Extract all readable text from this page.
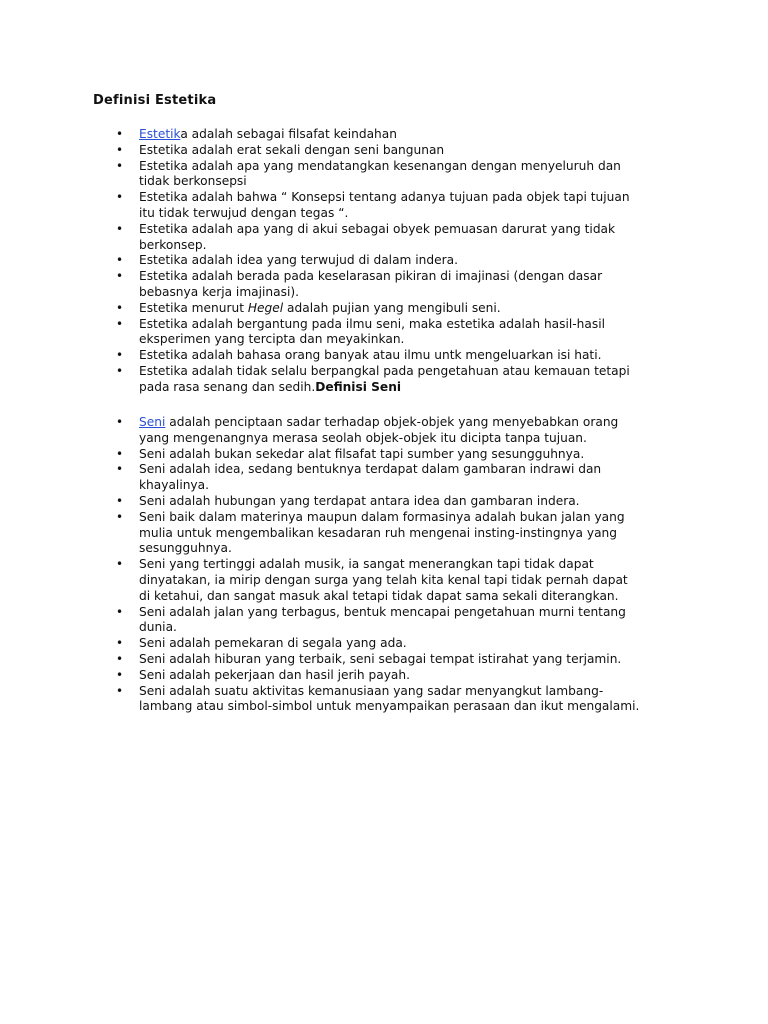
Definisi Estetika
• Estetika adalah sebagai filsafat keindahan
• Estetika adalah erat sekali dengan seni bangunan
• Estetika adalah apa yang mendatangkan kesenangan dengan menyeluruh dan
tidak berkonsepsi
• Estetika adalah bahwa “ Konsepsi tentang adanya tujuan pada objek tapi tujuan
itu tidak terwujud dengan tegas “.
• Estetika adalah apa yang di akui sebagai obyek pemuasan darurat yang tidak
berkonsep.
• Estetika adalah idea yang terwujud di dalam indera.
• Estetika adalah berada pada keselarasan pikiran di imajinasi (dengan dasar
bebasnya kerja imajinasi).
• Estetika menurut Hegel adalah pujian yang mengibuli seni.
• Estetika adalah bergantung pada ilmu seni, maka estetika adalah hasil-hasil
eksperimen yang tercipta dan meyakinkan.
• Estetika adalah bahasa orang banyak atau ilmu untk mengeluarkan isi hati.
• Estetika adalah tidak selalu berpangkal pada pengetahuan atau kemauan tetapi
pada rasa senang dan sedih.Definisi Seni
• Seni adalah penciptaan sadar terhadap objek-objek yang menyebabkan orang
yang mengenangnya merasa seolah objek-objek itu dicipta tanpa tujuan.
• Seni adalah bukan sekedar alat filsafat tapi sumber yang sesungguhnya.
• Seni adalah idea, sedang bentuknya terdapat dalam gambaran indrawi dan
khayalinya.
• Seni adalah hubungan yang terdapat antara idea dan gambaran indera.
• Seni baik dalam materinya maupun dalam formasinya adalah bukan jalan yang
mulia untuk mengembalikan kesadaran ruh mengenai insting-instingnya yang
sesungguhnya.
• Seni yang tertinggi adalah musik, ia sangat menerangkan tapi tidak dapat
dinyatakan, ia mirip dengan surga yang telah kita kenal tapi tidak pernah dapat
di ketahui, dan sangat masuk akal tetapi tidak dapat sama sekali diterangkan.
• Seni adalah jalan yang terbagus, bentuk mencapai pengetahuan murni tentang
dunia.
• Seni adalah pemekaran di segala yang ada.
• Seni adalah hiburan yang terbaik, seni sebagai tempat istirahat yang terjamin.
• Seni adalah pekerjaan dan hasil jerih payah.
• Seni adalah suatu aktivitas kemanusiaan yang sadar menyangkut lambang-
lambang atau simbol-simbol untuk menyampaikan perasaan dan ikut mengalami.
